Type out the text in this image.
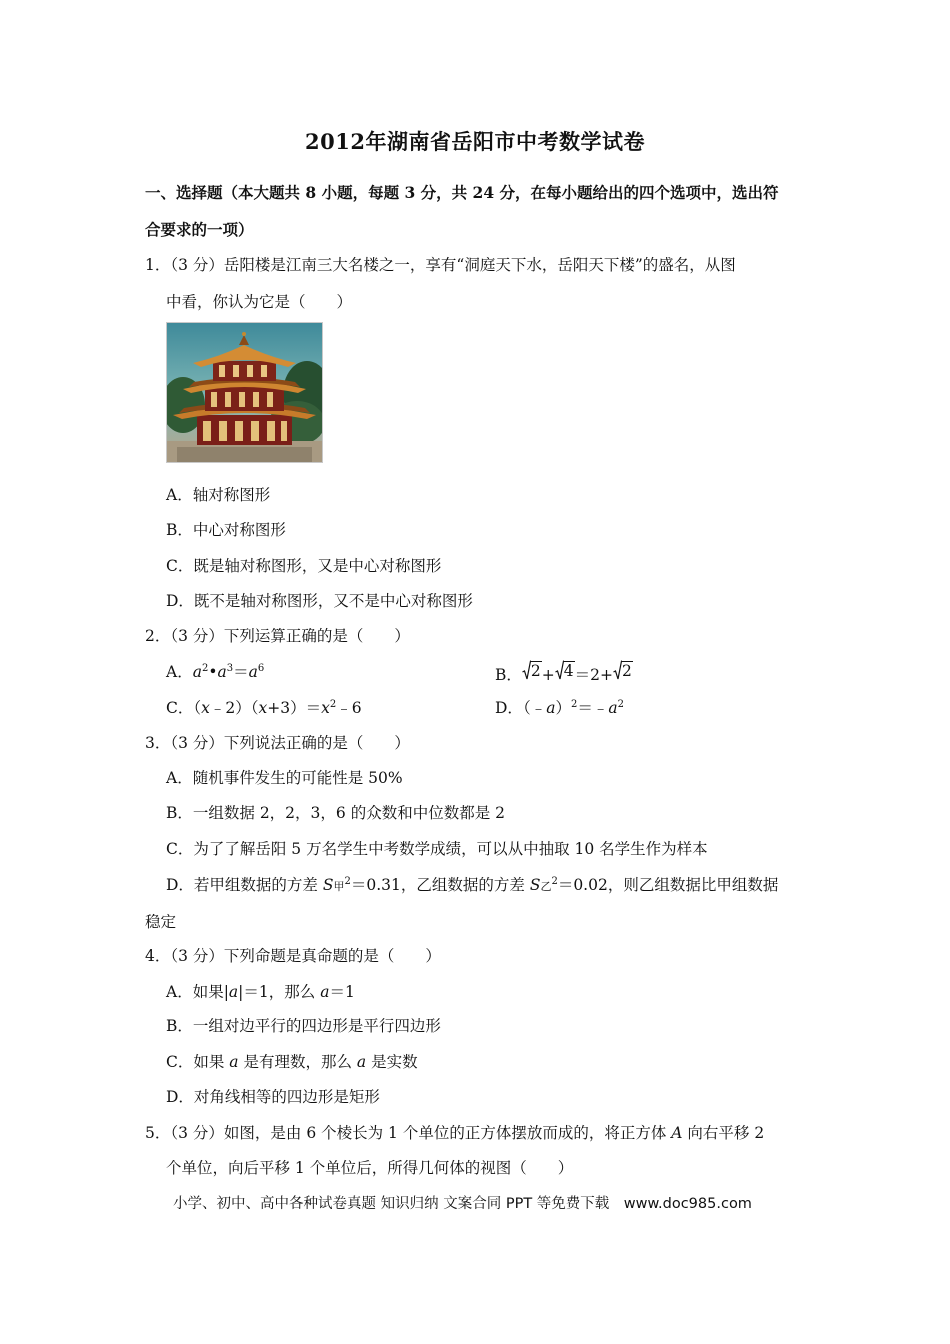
2012年湖南省岳阳市中考数学试卷
一、选择题（本大题共 8 小题，每题 3 分，共 24 分，在每小题给出的四个选项中，选出符
合要求的一项）
1．（3 分）岳阳楼是江南三大名楼之一，享有“洞庭天下水，岳阳天下楼”的盛名，从图
中看，你认为它是（　　）
A．轴对称图形
B．中心对称图形
C．既是轴对称图形，又是中心对称图形
D．既不是轴对称图形，又不是中心对称图形
2．（3 分）下列运算正确的是（　　）
A．$a^2•a^3=a^6$	B． 2 + 4 ＝2+ 2
C．$(x﹣2)(x+3)=x^2﹣6$	D．$(﹣a)^2=﹣a^2$
3．（3 分）下列说法正确的是（　　）
A．随机事件发生的可能性是 50%
B．一组数据 2，2，3，6 的众数和中位数都是 2
C．为了了解岳阳 5 万名学生中考数学成绩，可以从中抽取 10 名学生作为样本
D．若甲组数据的方差 S甲$^2$＝0.31，乙组数据的方差 S乙$^2$＝0.02，则乙组数据比甲组数据
稳定
4．（3 分）下列命题是真命题的是（　　）
A．如果|a|＝1，那么 a＝1
B．一组对边平行的四边形是平行四边形
C．如果 a 是有理数，那么 a 是实数
D．对角线相等的四边形是矩形
5．（3 分）如图，是由 6 个棱长为 1 个单位的正方体摆放而成的，将正方体 A 向右平移 2
个单位，向后平移 1 个单位后，所得几何体的视图（　　）
小学、初中、高中各种试卷真题 知识归纳 文案合同 PPT 等免费下载　www.doc985.com
